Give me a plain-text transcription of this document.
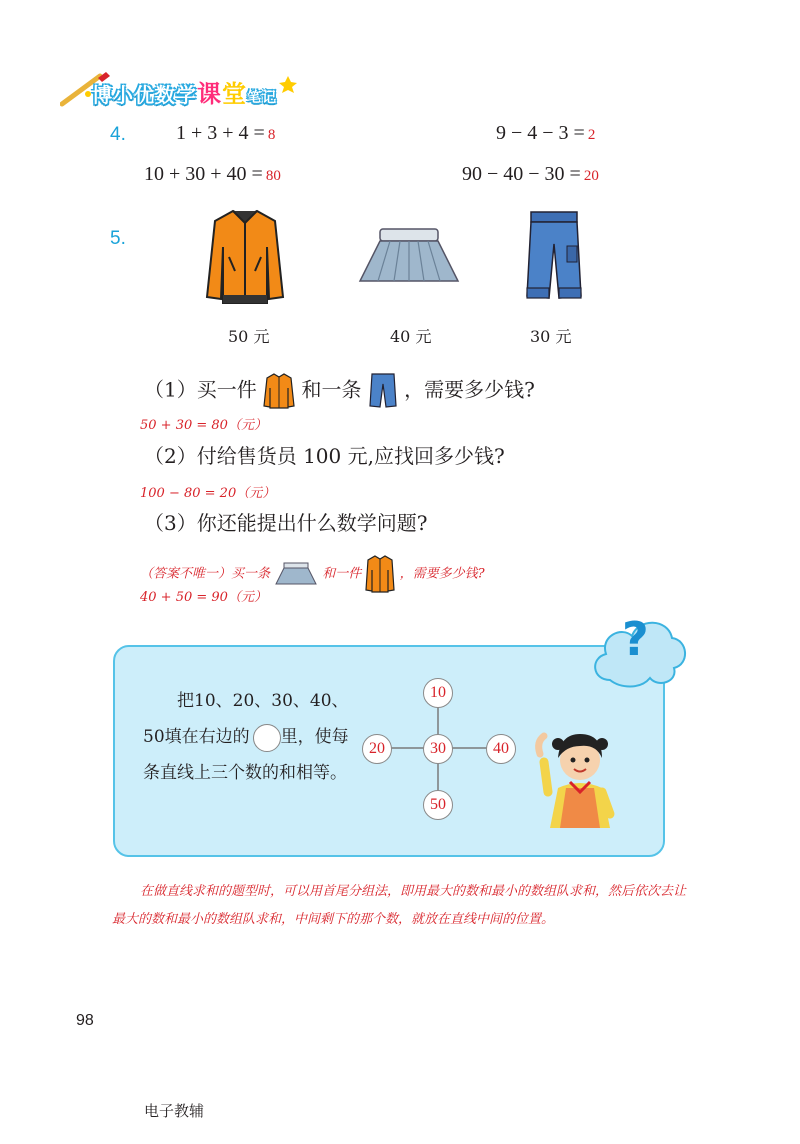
博小优数学课堂笔记
4.	1 + 3 + 4 = 8	9 − 4 − 3 = 2
10 + 30 + 40 = 80	90 − 40 − 30 = 20
5.
50 元	40 元	30 元
（1）买一件 和一条 ，需要多少钱?
50 + 30 = 80（元）
（2）付给售货员 100 元,应找回多少钱?
100 − 80 = 20（元）
（3）你还能提出什么数学问题?
（答案不唯一）买一条	和一件	，需要多少钱?
40 + 50 = 90（元）
?
把10、20、30、40、50填在右边的 里，使每条直线上三个数的和相等。
10
20	30	40
50
在做直线求和的题型时，可以用首尾分组法，即用最大的数和最小的数组队求和，然后依次去让最大的数和最小的数组队求和，中间剩下的那个数，就放在直线中间的位置。
98
电子教辅
